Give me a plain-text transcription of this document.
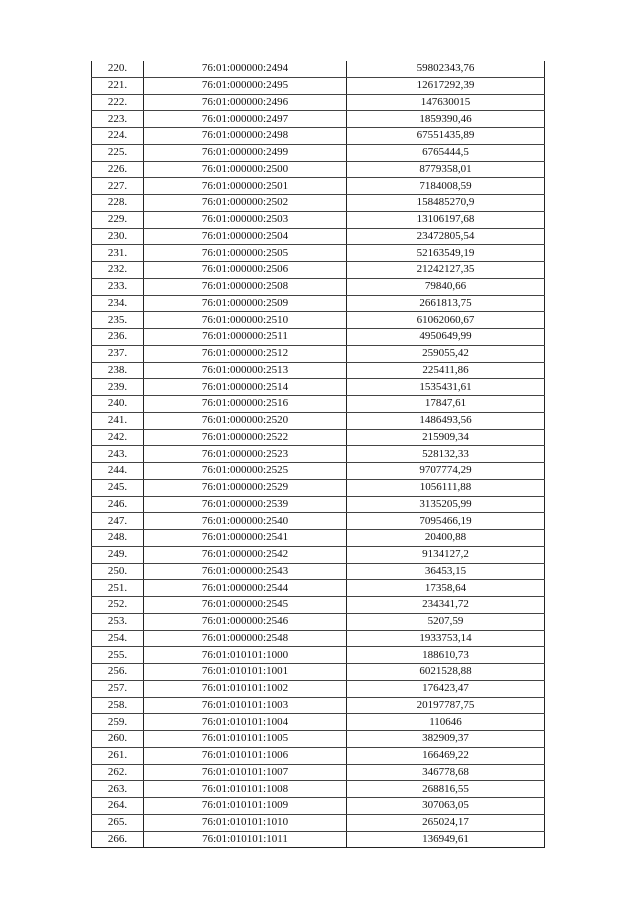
220.	76:01:000000:2494	59802343,76
221.	76:01:000000:2495	12617292,39
222.	76:01:000000:2496	147630015
223.	76:01:000000:2497	1859390,46
224.	76:01:000000:2498	67551435,89
225.	76:01:000000:2499	6765444,5
226.	76:01:000000:2500	8779358,01
227.	76:01:000000:2501	7184008,59
228.	76:01:000000:2502	158485270,9
229.	76:01:000000:2503	13106197,68
230.	76:01:000000:2504	23472805,54
231.	76:01:000000:2505	52163549,19
232.	76:01:000000:2506	21242127,35
233.	76:01:000000:2508	79840,66
234.	76:01:000000:2509	2661813,75
235.	76:01:000000:2510	61062060,67
236.	76:01:000000:2511	4950649,99
237.	76:01:000000:2512	259055,42
238.	76:01:000000:2513	225411,86
239.	76:01:000000:2514	1535431,61
240.	76:01:000000:2516	17847,61
241.	76:01:000000:2520	1486493,56
242.	76:01:000000:2522	215909,34
243.	76:01:000000:2523	528132,33
244.	76:01:000000:2525	9707774,29
245.	76:01:000000:2529	1056111,88
246.	76:01:000000:2539	3135205,99
247.	76:01:000000:2540	7095466,19
248.	76:01:000000:2541	20400,88
249.	76:01:000000:2542	9134127,2
250.	76:01:000000:2543	36453,15
251.	76:01:000000:2544	17358,64
252.	76:01:000000:2545	234341,72
253.	76:01:000000:2546	5207,59
254.	76:01:000000:2548	1933753,14
255.	76:01:010101:1000	188610,73
256.	76:01:010101:1001	6021528,88
257.	76:01:010101:1002	176423,47
258.	76:01:010101:1003	20197787,75
259.	76:01:010101:1004	110646
260.	76:01:010101:1005	382909,37
261.	76:01:010101:1006	166469,22
262.	76:01:010101:1007	346778,68
263.	76:01:010101:1008	268816,55
264.	76:01:010101:1009	307063,05
265.	76:01:010101:1010	265024,17
266.	76:01:010101:1011	136949,61
